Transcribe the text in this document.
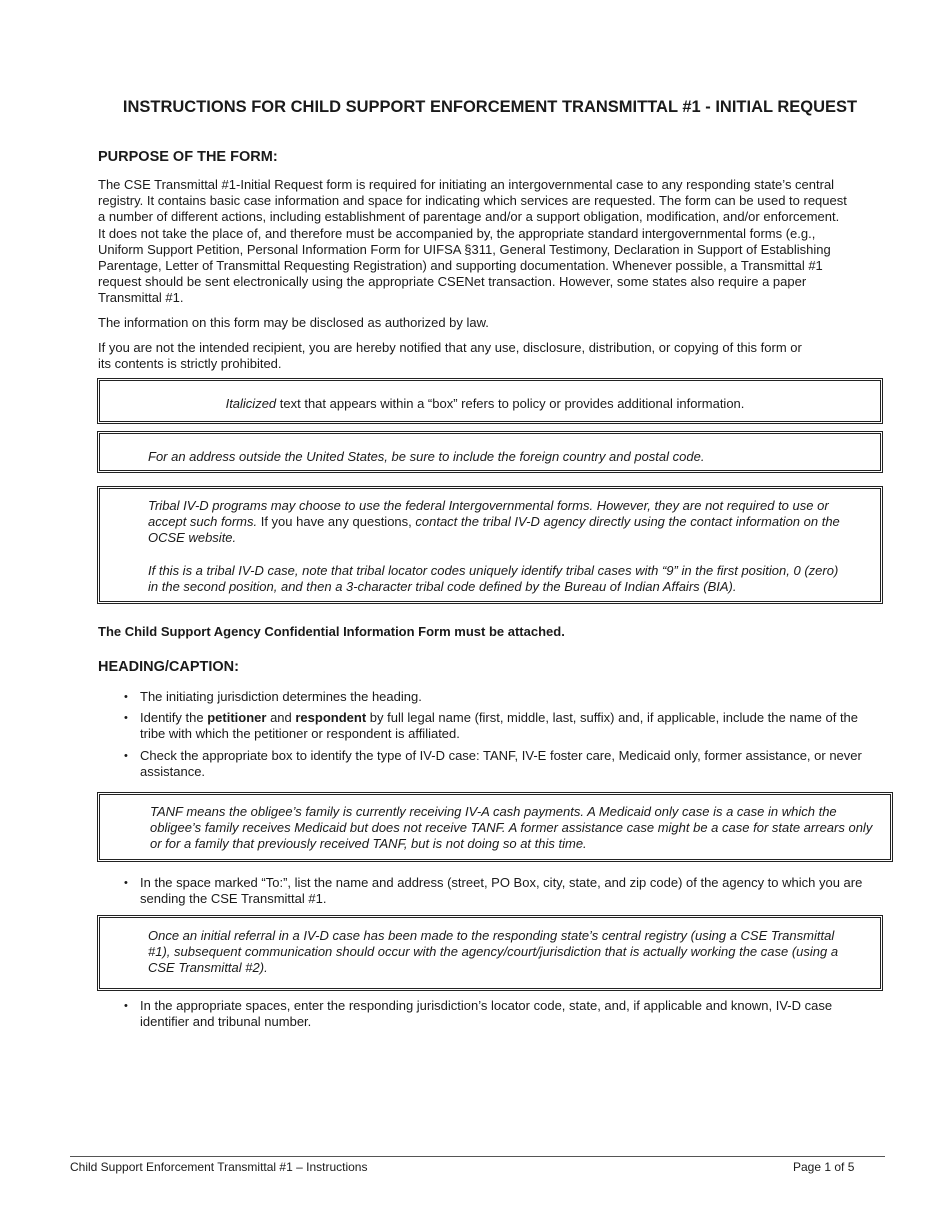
INSTRUCTIONS FOR CHILD SUPPORT ENFORCEMENT TRANSMITTAL #1 - INITIAL REQUEST
PURPOSE OF THE FORM:

The CSE Transmittal #1-Initial Request form is required for initiating an intergovernmental case to any responding state’s central registry. It contains basic case information and space for indicating which services are requested. The form can be used to request a number of different actions, including establishment of parentage and/or a support obligation, modification, and/or enforcement. It does not take the place of, and therefore must be accompanied by, the appropriate standard intergovernmental forms (e.g., Uniform Support Petition, Personal Information Form for UIFSA §311, General Testimony, Declaration in Support of Establishing Parentage, Letter of Transmittal Requesting Registration) and supporting documentation. Whenever possible, a Transmittal #1 request should be sent electronically using the appropriate CSENet transaction. However, some states also require a paper Transmittal #1.

The information on this form may be disclosed as authorized by law.

If you are not the intended recipient, you are hereby notified that any use, disclosure, distribution, or copying of this form or its contents is strictly prohibited.

Italicized text that appears within a “box” refers to policy or provides additional information.
For an address outside the United States, be sure to include the foreign country and postal code.

Tribal IV-D programs may choose to use the federal Intergovernmental forms. However, they are not required to use or accept such forms. If you have any questions, contact the tribal IV-D agency directly using the contact information on the OCSE website.

If this is a tribal IV-D case, note that tribal locator codes uniquely identify tribal cases with “9” in the first position, 0 (zero) in the second position, and then a 3-character tribal code defined by the Bureau of Indian Affairs (BIA).

The Child Support Agency Confidential Information Form must be attached.
HEADING/CAPTION:
• The initiating jurisdiction determines the heading.
• Identify the petitioner and respondent by full legal name (first, middle, last, suffix) and, if applicable, include the name of the tribe with which the petitioner or respondent is affiliated.
• Check the appropriate box to identify the type of IV-D case: TANF, IV-E foster care, Medicaid only, former assistance, or never assistance.
TANF means the obligee’s family is currently receiving IV-A cash payments. A Medicaid only case is a case in which the obligee’s family receives Medicaid but does not receive TANF. A former assistance case might be a case for state arrears only or for a family that previously received TANF, but is not doing so at this time.
• In the space marked “To:”, list the name and address (street, PO Box, city, state, and zip code) of the agency to which you are sending the CSE Transmittal #1.
Once an initial referral in a IV-D case has been made to the responding state’s central registry (using a CSE Transmittal #1), subsequent communication should occur with the agency/court/jurisdiction that is actually working the case (using a CSE Transmittal #2).
• In the appropriate spaces, enter the responding jurisdiction’s locator code, state, and, if applicable and known, IV-D case identifier and tribunal number.
Child Support Enforcement Transmittal #1 – Instructions	Page 1 of 5
